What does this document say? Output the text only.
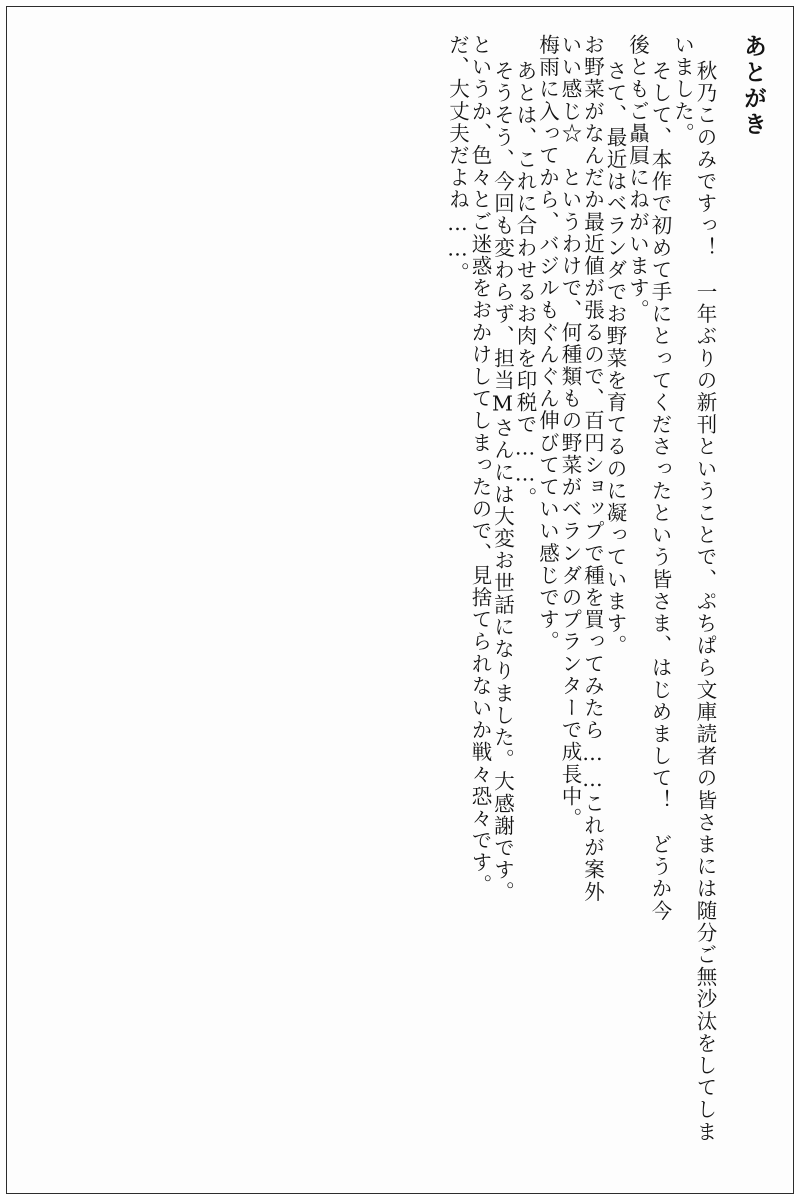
あとがき
秋乃このみですっ！　一年ぶりの新刊ということで、ぷちぱら文庫読者の皆さまには随分ご無沙汰をしてしま
いました。
そして、本作で初めて手にとってくださったという皆さま、はじめまして！　どうか今
後ともご贔屓にねがいます。
さて、最近はベランダでお野菜を育てるのに凝っています。
お野菜がなんだか最近値が張るので、百円ショップで種を買ってみたら……これが案外
いい感じ☆　というわけで、何種類もの野菜がベランダのプランターで成長中。
梅雨に入ってから、バジルもぐんぐん伸びてていい感じです。
あとは、これに合わせるお肉を印税で……。
そうそう、今回も変わらず、担当Mさんには大変お世話になりました。大感謝です。
というか、色々とご迷惑をおかけしてしまったので、見捨てられないか戦々恐々です。
だ、大丈夫だよね……。
